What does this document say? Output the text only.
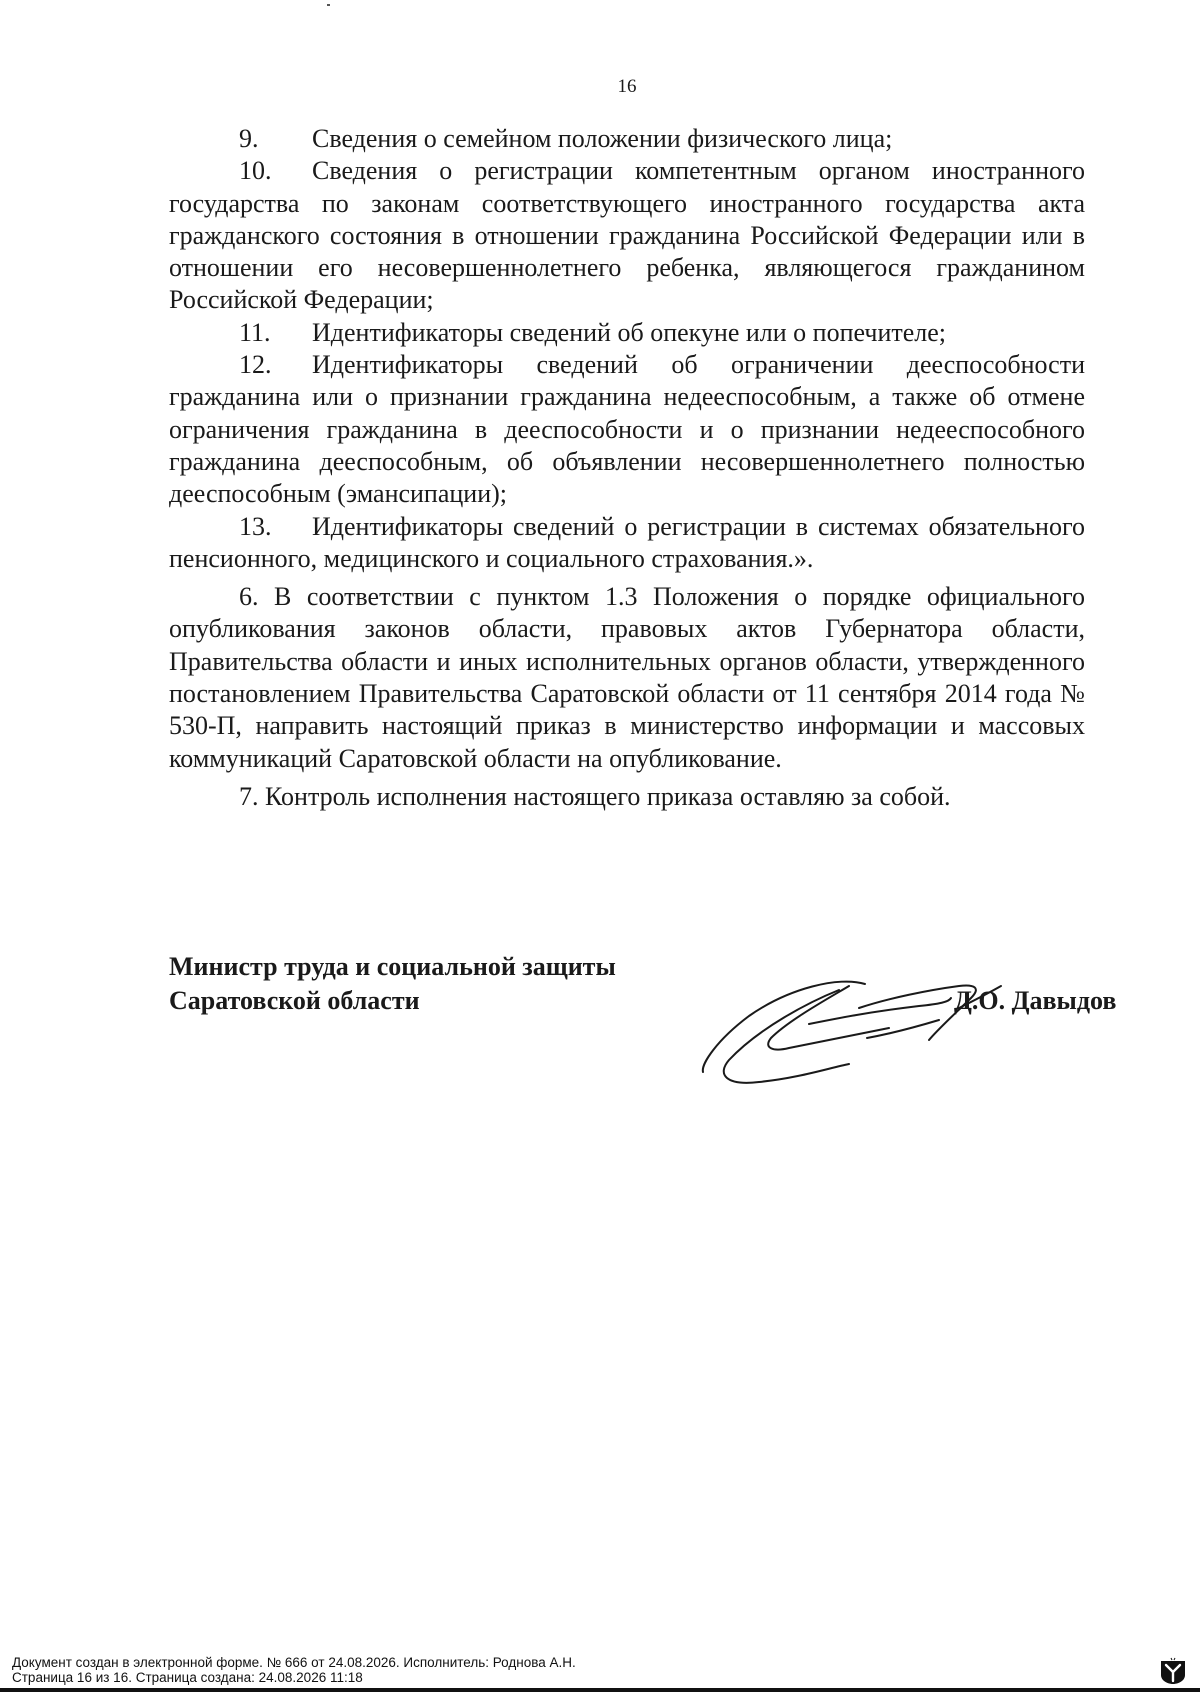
16

9. Сведения о семейном положении физического лица;

10. Сведения о регистрации компетентным органом иностранного государства по законам соответствующего иностранного государства акта гражданского состояния в отношении гражданина Российской Федерации или в отношении его несовершеннолетнего ребенка, являющегося гражданином Российской Федерации;

11. Идентификаторы сведений об опекуне или о попечителе;

12. Идентификаторы сведений об ограничении дееспособности гражданина или о признании гражданина недееспособным, а также об отмене ограничения гражданина в дееспособности и о признании недееспособного гражданина дееспособным, об объявлении несовершеннолетнего полностью дееспособным (эмансипации);

13. Идентификаторы сведений о регистрации в системах обязательного пенсионного, медицинского и социального страхования.».

6. В соответствии с пунктом 1.3 Положения о порядке официального опубликования законов области, правовых актов Губернатора области, Правительства области и иных исполнительных органов области, утвержденного постановлением Правительства Саратовской области от 11 сентября 2014 года № 530-П, направить настоящий приказ в министерство информации и массовых коммуникаций Саратовской области на опубликование.

7. Контроль исполнения настоящего приказа оставляю за собой.

Министр труда и социальной защиты
Саратовской области	Д.О. Давыдов
Документ создан в электронной форме. № 666 от 24.08.2026. Исполнитель: Роднова А.Н.
Страница 16 из 16. Страница создана: 24.08.2026 11:18
